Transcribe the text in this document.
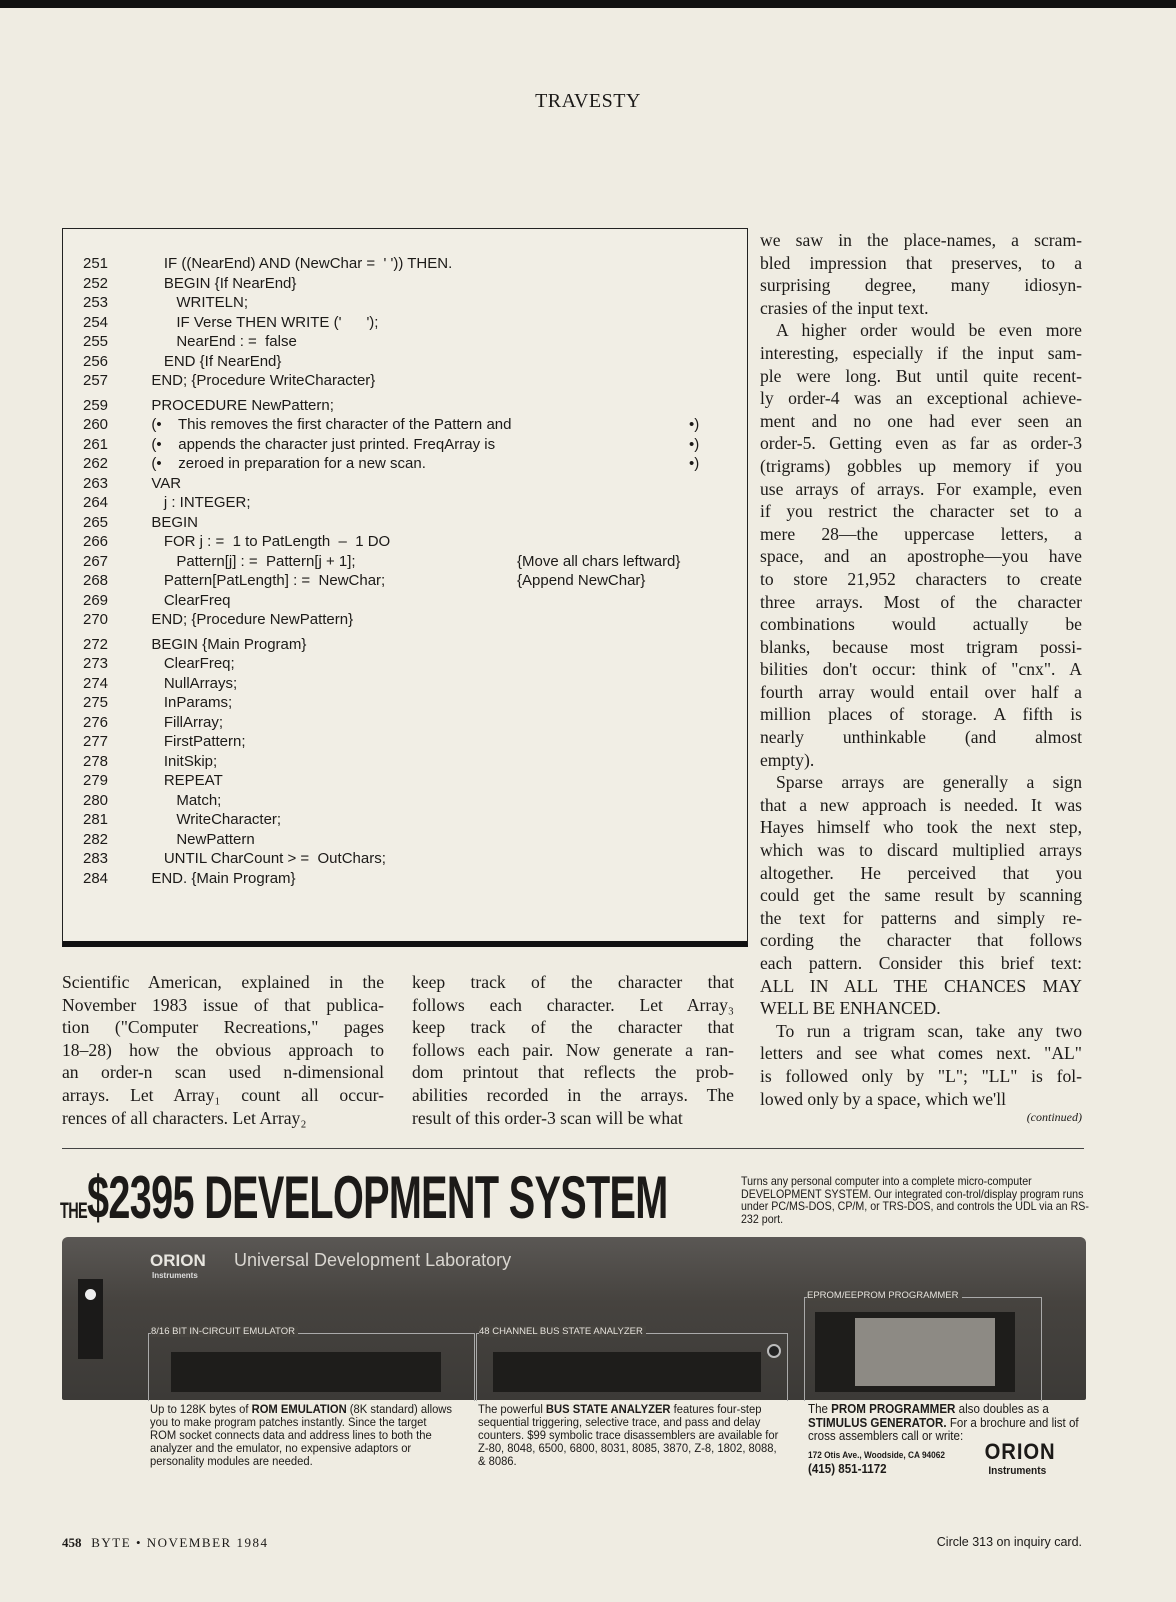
TRAVESTY
251     IF ((NearEnd) AND (NewChar =  ' ')) THEN.
252     BEGIN {If NearEnd}
253        WRITELN;
254        IF Verse THEN WRITE ('      ');
255        NearEnd : =  false
256     END {If NearEnd}
257  END; {Procedure WriteCharacter}
259  PROCEDURE NewPattern;
260  (•    This removes the first character of the Pattern and	•)
261  (•    appends the character just printed. FreqArray is	•)
262  (•    zeroed in preparation for a new scan.	•)
263  VAR
264     j : INTEGER;
265  BEGIN
266     FOR j : =  1 to PatLength  –  1 DO
267        Pattern[j] : =  Pattern[j + 1];	{Move all chars leftward}
268     Pattern[PatLength] : =  NewChar;	{Append NewChar}
269     ClearFreq
270  END; {Procedure NewPattern}
272  BEGIN {Main Program}
273     ClearFreq;
274     NullArrays;
275     InParams;
276     FillArray;
277     FirstPattern;
278     InitSkip;
279     REPEAT
280        Match;
281        WriteCharacter;
282        NewPattern
283     UNTIL CharCount > =  OutChars;
284  END. {Main Program}
we saw in the place-names, a scram-
bled impression that preserves, to a
surprising degree, many idiosyn-
crasies of the input text.
A higher order would be even more
interesting, especially if the input sam-
ple were long. But until quite recent-
ly order-4 was an exceptional achieve-
ment and no one had ever seen an
order-5. Getting even as far as order-3
(trigrams) gobbles up memory if you
use arrays of arrays. For example, even
if you restrict the character set to a
mere 28—the uppercase letters, a
space, and an apostrophe—you have
to store 21,952 characters to create
three arrays. Most of the character
combinations would actually be
blanks, because most trigram possi-
bilities don't occur: think of "cnx". A
fourth array would entail over half a
million places of storage. A fifth is
nearly unthinkable (and almost
empty).
Sparse arrays are generally a sign
that a new approach is needed. It was
Hayes himself who took the next step,
which was to discard multiplied arrays
altogether. He perceived that you
could get the same result by scanning
the text for patterns and simply re-
cording the character that follows
each pattern. Consider this brief text:
ALL IN ALL THE CHANCES MAY
WELL BE ENHANCED.
To run a trigram scan, take any two
letters and see what comes next. "AL"
is followed only by "L"; "LL" is fol-
lowed only by a space, which we'll
(continued)
Scientific American, explained in the
November 1983 issue of that publica-
tion ("Computer Recreations," pages
18–28) how the obvious approach to
an order-n scan used n-dimensional
arrays. Let Array₁ count all occur-
rences of all characters. Let Array₂
keep track of the character that
follows each character. Let Array₃
keep track of the character that
follows each pair. Now generate a ran-
dom printout that reflects the prob-
abilities recorded in the arrays. The
result of this order-3 scan will be what
THE$2395 DEVELOPMENT SYSTEM	Turns any personal computer into a complete micro-computer DEVELOPMENT SYSTEM. Our integrated con-trol/display program runs under PC/MS-DOS, CP/M, or TRS-DOS, and controls the UDL via an RS-232 port.
ORION
Instruments
Universal Development Laboratory
8/16 BIT IN-CIRCUIT EMULATOR	48 CHANNEL BUS STATE ANALYZER
EPROM/EEPROM PROGRAMMER
Up to 128K bytes of ROM EMULATION (8K standard) allows you to make program patches instantly. Since the target ROM socket connects data and address lines to both the analyzer and the emulator, no expensive adaptors or personality modules are needed.
The powerful BUS STATE ANALYZER features four-step sequential triggering, selective trace, and pass and delay counters. $99 symbolic trace disassemblers are available for Z-80, 8048, 6500, 6800, 8031, 8085, 3870, Z-8, 1802, 8088, & 8086.
The PROM PROGRAMMER also doubles as a STIMULUS GENERATOR. For a brochure and list of cross assemblers call or write:
172 Otis Ave., Woodside, CA 94062
(415) 851-1172
ORION
Instruments
458 BYTE • NOVEMBER 1984	Circle 313 on inquiry card.
